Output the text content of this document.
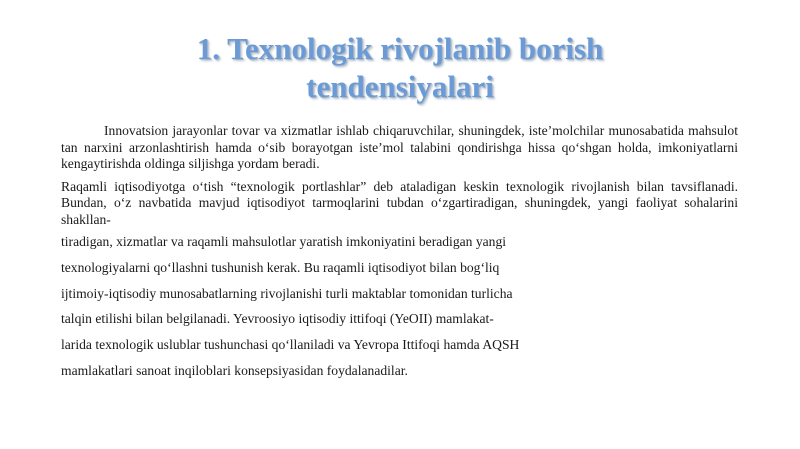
1. Texnologik rivojlanib borish
tendensiyalari

Innovatsion jarayonlar tovar va xizmatlar ishlab chiqaruvchilar, shuningdek, iste’molchilar munosabatida mahsulot tan narxini arzonlashtirish hamda o‘sib borayotgan iste’mol talabini qondirishga hissa qo‘shgan holda, imkoniyatlarni kengaytirishda oldinga siljishga yordam beradi.

Raqamli iqtisodiyotga o‘tish “texnologik portlashlar” deb ataladigan keskin texnologik rivojlanish bilan tavsiflanadi. Bundan, o‘z navbatida mavjud iqtisodiyot tarmoqlarini tubdan o‘zgartiradigan, shuningdek, yangi faoliyat sohalarini shakllan-

tiradigan, xizmatlar va raqamli mahsulotlar yaratish imkoniyatini beradigan yangi

texnologiyalarni qo‘llashni tushunish kerak. Bu raqamli iqtisodiyot bilan bog‘liq

ijtimoiy-iqtisodiy munosabatlarning rivojlanishi turli maktablar tomonidan turlicha

talqin etilishi bilan belgilanadi. Yevroosiyo iqtisodiy ittifoqi (YeOII) mamlakat-

larida texnologik uslublar tushunchasi qo‘llaniladi va Yevropa Ittifoqi hamda AQSH

mamlakatlari sanoat inqiloblari konsepsiyasidan foydalanadilar.
